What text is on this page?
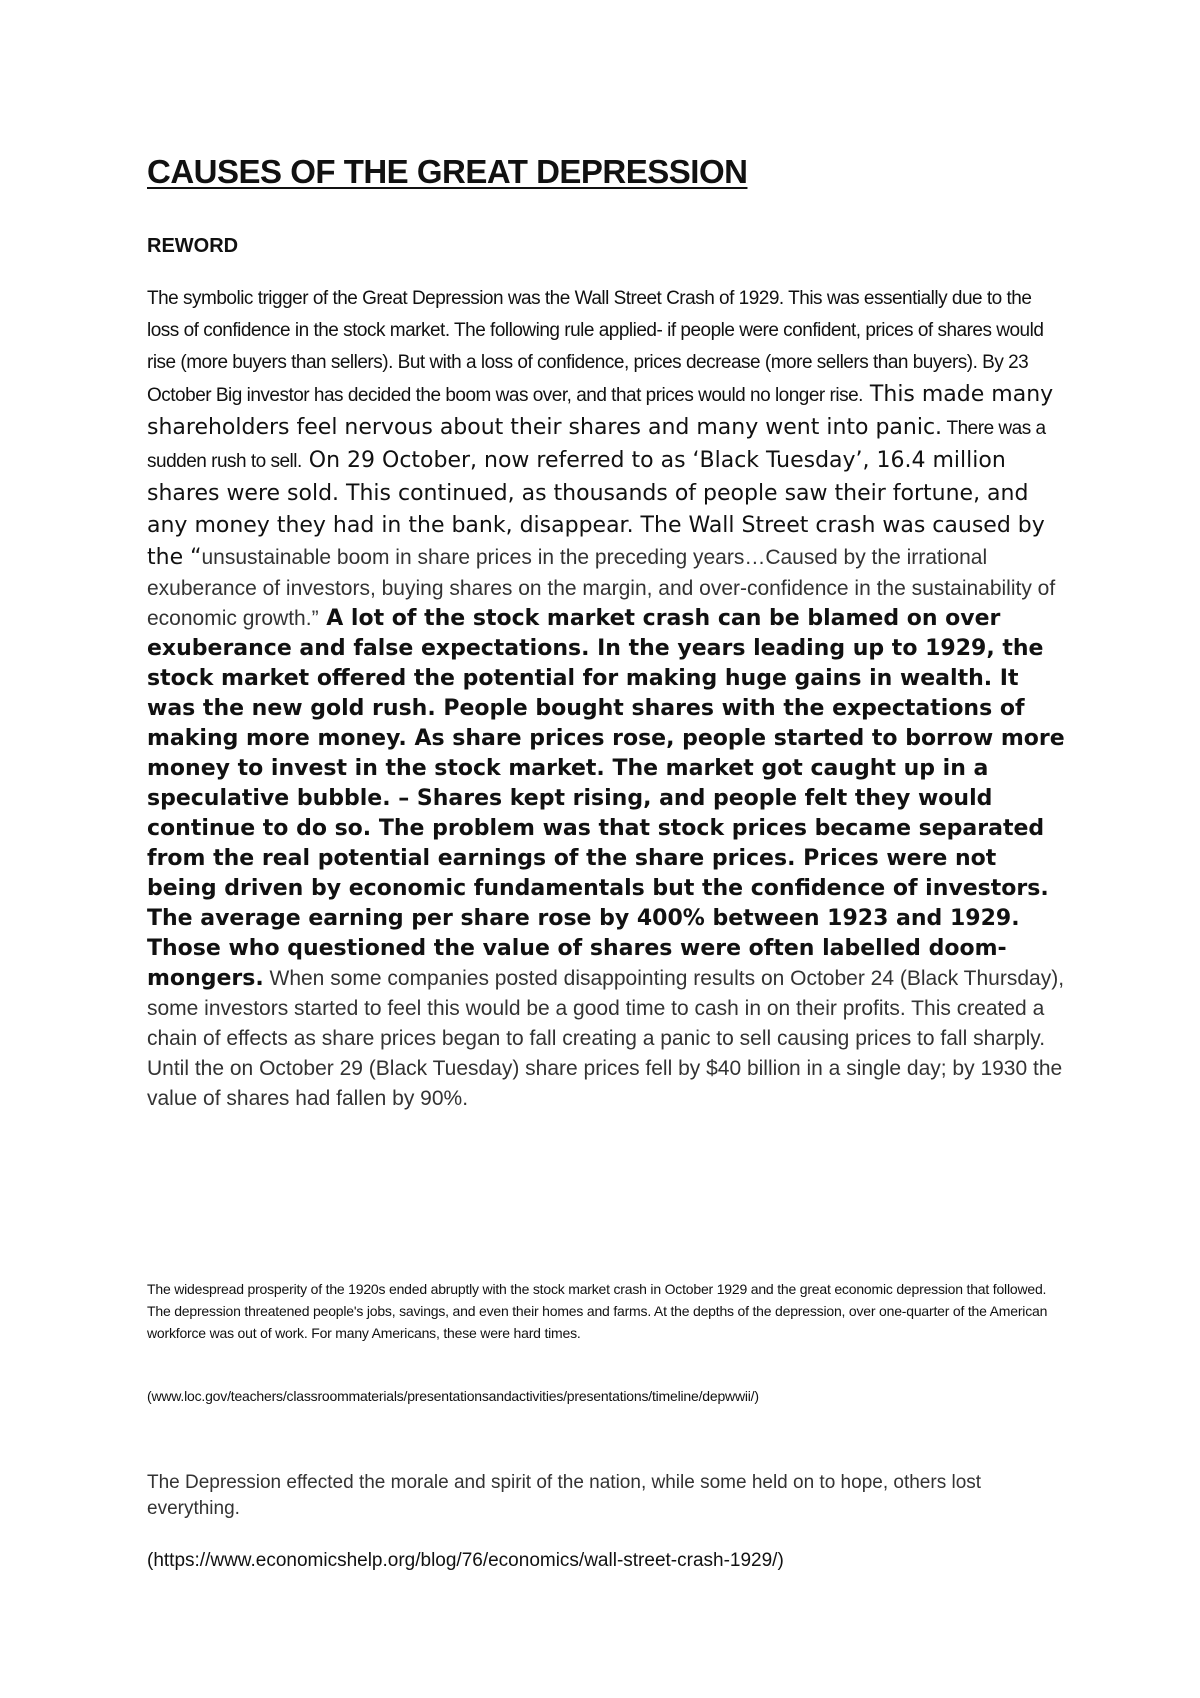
CAUSES OF THE GREAT DEPRESSION
REWORD

The symbolic trigger of the Great Depression was the Wall Street Crash of 1929. This was essentially due to the loss of confidence in the stock market. The following rule applied- if people were confident, prices of shares would rise (more buyers than sellers). But with a loss of confidence, prices decrease (more sellers than buyers). By 23 October Big investor has decided the boom was over, and that prices would no longer rise. This made many shareholders feel nervous about their shares and many went into panic. There was a sudden rush to sell. On 29 October, now referred to as ‘Black Tuesday’, 16.4 million shares were sold. This continued, as thousands of people saw their fortune, and any money they had in the bank, disappear. The Wall Street crash was caused by the “unsustainable boom in share prices in the preceding years…Caused by the irrational exuberance of investors, buying shares on the margin, and over-confidence in the sustainability of economic growth.” A lot of the stock market crash can be blamed on over exuberance and false expectations. In the years leading up to 1929, the stock market offered the potential for making huge gains in wealth. It was the new gold rush. People bought shares with the expectations of making more money. As share prices rose, people started to borrow more money to invest in the stock market. The market got caught up in a speculative bubble. – Shares kept rising, and people felt they would continue to do so. The problem was that stock prices became separated from the real potential earnings of the share prices. Prices were not being driven by economic fundamentals but the confidence of investors. The average earning per share rose by 400% between 1923 and 1929. Those who questioned the value of shares were often labelled doom-mongers. When some companies posted disappointing results on October 24 (Black Thursday), some investors started to feel this would be a good time to cash in on their profits. This created a chain of effects as share prices began to fall creating a panic to sell causing prices to fall sharply. Until the on October 29 (Black Tuesday) share prices fell by $40 billion in a single day; by 1930 the value of shares had fallen by 90%.

The widespread prosperity of the 1920s ended abruptly with the stock market crash in October 1929 and the great economic depression that followed. The depression threatened people's jobs, savings, and even their homes and farms. At the depths of the depression, over one-quarter of the American workforce was out of work. For many Americans, these were hard times.

(www.loc.gov/teachers/classroommaterials/presentationsandactivities/presentations/timeline/depwwii/)

The Depression effected the morale and spirit of the nation, while some held on to hope, others lost everything.

(https://www.economicshelp.org/blog/76/economics/wall-street-crash-1929/)
